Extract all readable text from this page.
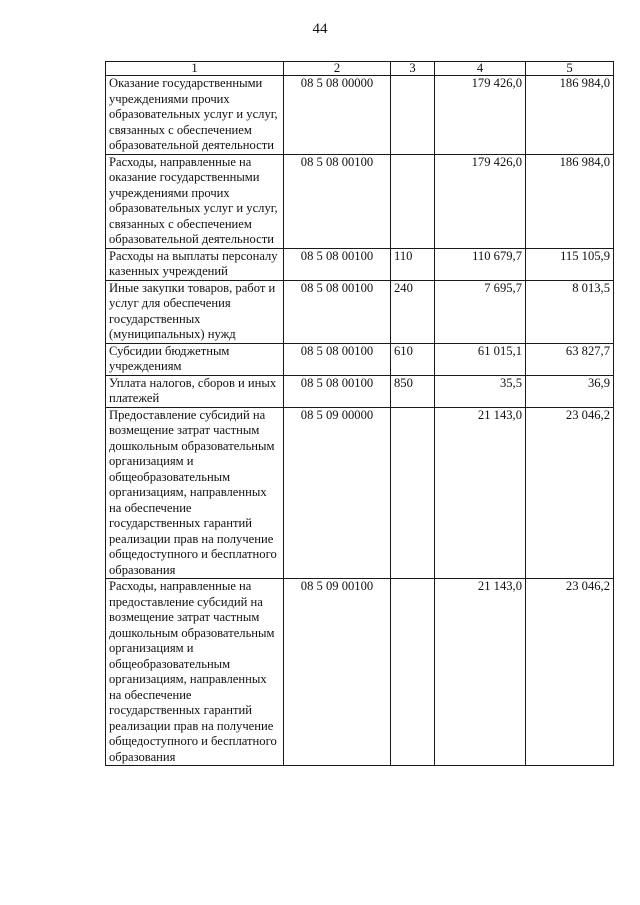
44
1	2	3	4	5
Оказание государственными учреждениями прочих образовательных услуг и услуг, связанных с обеспечением образовательной деятельности	08 5 08 00000		179 426,0	186 984,0
Расходы, направленные на оказание государственными учреждениями прочих образовательных услуг и услуг, связанных с обеспечением образовательной деятельности	08 5 08 00100		179 426,0	186 984,0
Расходы на выплаты персоналу казенных учреждений	08 5 08 00100	110	110 679,7	115 105,9
Иные закупки товаров, работ и услуг для обеспечения государственных (муниципальных) нужд	08 5 08 00100	240	7 695,7	8 013,5
Субсидии бюджетным учреждениям	08 5 08 00100	610	61 015,1	63 827,7
Уплата налогов, сборов и иных платежей	08 5 08 00100	850	35,5	36,9
Предоставление субсидий на возмещение затрат частным дошкольным образовательным организациям и общеобразовательным организациям, направленных на обеспечение государственных гарантий реализации прав на получение общедоступного и бесплатного образования	08 5 09 00000		21 143,0	23 046,2
Расходы, направленные на предоставление субсидий на возмещение затрат частным дошкольным образовательным организациям и общеобразовательным организациям, направленных на обеспечение государственных гарантий реализации прав на получение общедоступного и бесплатного образования	08 5 09 00100		21 143,0	23 046,2
